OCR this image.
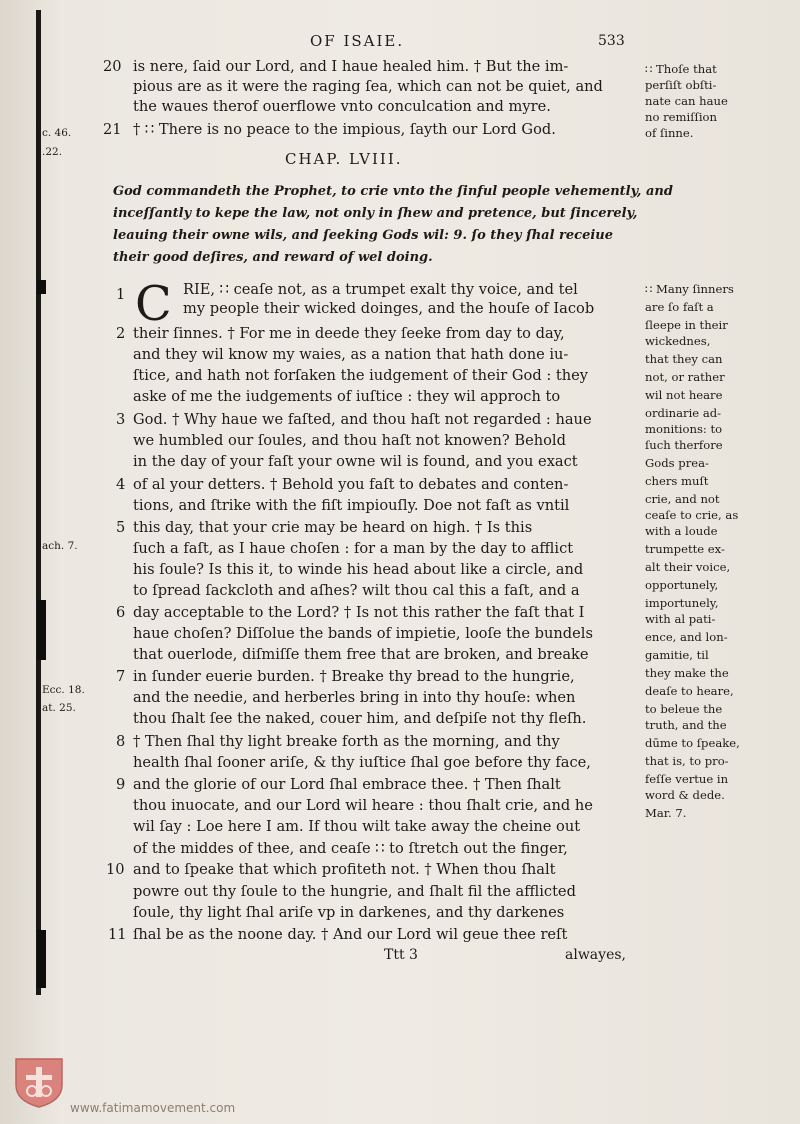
OF ISAIE.	533
20 is nere, ſaid our Lord, and I haue healed him. † But the im-
pious are as it were the raging ſea, which can not be quiet, and
the waues therof ouerflowe vnto conculcation and myre.
21 † ∷ There is no peace to the impious, ſayth our Lord God.
∷ Thoſe that
perſiſt obſti-
nate can haue
no remiſſion
of ſinne.
c. 46.
.22.
ach. 7.
Ecc. 18.
at. 25.
CHAP. LVIII.
God commandeth the Prophet, to crie vnto the ſinful people vehemently, and
inceſſantly to kepe the law, not only in ſhew and pretence, but ſincerely,
leauing their owne wils, and ſeeking Gods wil: 9. ſo they ſhal receiue
their good deſires, and reward of wel doing.
1 C RIE, ∷ ceaſe not, as a trumpet exalt thy voice, and tel
my people their wicked doinges, and the houſe of Iacob
2 their ſinnes. † For me in deede they ſeeke from day to day,
and they wil know my waies, as a nation that hath done iu-
ſtice, and hath not forſaken the iudgement of their God : they
aske of me the iudgements of iuſtice : they wil approch to
3 God. † Why haue we faſted, and thou haſt not regarded : haue
we humbled our ſoules, and thou haſt not knowen? Behold
in the day of your faſt your owne wil is found, and you exact
4 of al your detters. † Behold you faſt to debates and conten-
tions, and ſtrike with the fiſt impiouſly. Doe not faſt as vntil
5 this day, that your crie may be heard on high. † Is this
ſuch a faſt, as I haue choſen : for a man by the day to afflict
his ſoule? Is this it, to winde his head about like a circle, and
to ſpread ſackcloth and aſhes? wilt thou cal this a faſt, and a
6 day acceptable to the Lord? † Is not this rather the faſt that I
haue choſen? Diſſolue the bands of impietie, looſe the bundels
that ouerlode, diſmiſſe them free that are broken, and breake
7 in ſunder euerie burden. † Breake thy bread to the hungrie,
and the needie, and herberles bring in into thy houſe: when
thou ſhalt ſee the naked, couer him, and deſpiſe not thy fleſh.
8 † Then ſhal thy light breake forth as the morning, and thy
health ſhal ſooner ariſe, & thy iuſtice ſhal goe before thy face,
9 and the glorie of our Lord ſhal embrace thee. † Then ſhalt
thou inuocate, and our Lord wil heare : thou ſhalt crie, and he
wil ſay : Loe here I am. If thou wilt take away the cheine out
of the middes of thee, and ceaſe ∷ to ſtretch out the finger,
10 and to ſpeake that which profiteth not. † When thou ſhalt
powre out thy ſoule to the hungrie, and ſhalt fil the afflicted
ſoule, thy light ſhal ariſe vp in darkenes, and thy darkenes
11 ſhal be as the noone day. † And our Lord wil geue thee reſt
∷ Many ſinners
are ſo faſt a
ſleepe in their
wickednes,
that they can
not, or rather
wil not heare
ordinarie ad-
monitions: to
ſuch therfore
Gods prea-
chers muſt
crie, and not
ceaſe to crie, as
with a loude
trumpette ex-
alt their voice,
opportunely,
importunely,
with al pati-
ence, and lon-
gamitie, til
they make the
deaſe to heare,
to beleue the
truth, and the
dūme to ſpeake,
that is, to pro-
feſſe vertue in
word & dede.
Mar. 7.
Ttt 3	alwayes,
www.fatimamovement.com
